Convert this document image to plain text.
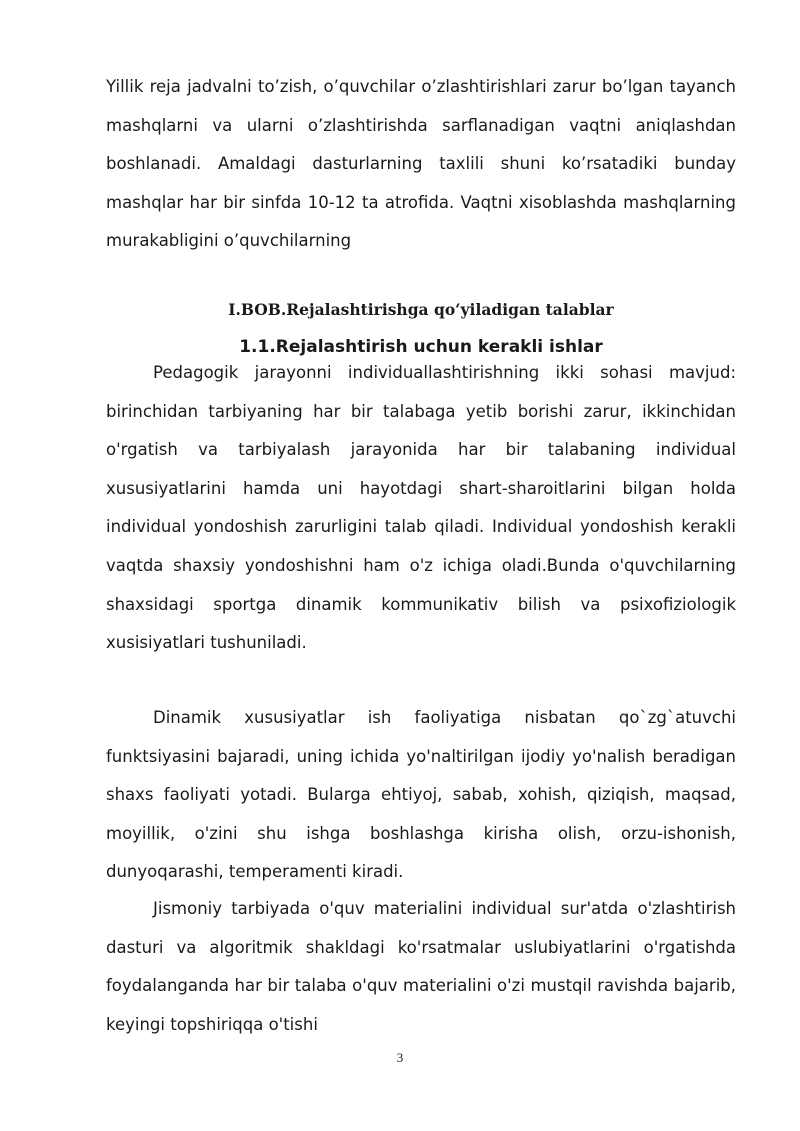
Yillik reja jadvalni to’zish, o’quvchilar o’zlashtirishlari zarur bo’lgan tayanch mashqlarni va ularni o’zlashtirishda sarflanadigan vaqtni aniqlashdan boshlanadi. Amaldagi dasturlarning taxlili shuni ko’rsatadiki bunday mashqlar har bir sinfda 10-12 ta atrofida. Vaqtni xisoblashda mashqlarning murakabligini o’quvchilarning

I.BOB.Rejalashtirishga qo‘yiladigan talablar
1.1.Rejalashtirish uchun kerakli ishlar

Pedagogik jarayonni individuallashtirishning ikki sohasi mavjud: birinchidan tarbiyaning har bir talabaga yetib borishi zarur, ikkinchidan o'rgatish va tarbiyalash jarayonida har bir talabaning individual xususiyatlarini hamda uni hayotdagi shart-sharoitlarini bilgan holda individual yondoshish zarurligini talab qiladi. Individual yondoshish kerakli vaqtda shaxsiy yondoshishni ham o'z ichiga oladi.Bunda o'quvchilarning shaxsidagi sportga dinamik kommunikativ bilish va psixofiziologik xusisiyatlari tushuniladi.

Dinamik xususiyatlar ish faoliyatiga nisbatan qo`zg`atuvchi funktsiyasini bajaradi, uning ichida yo'naltirilgan ijodiy yo'nalish beradigan shaxs faoliyati yotadi. Bularga ehtiyoj, sabab, xohish, qiziqish, maqsad, moyillik, o'zini shu ishga boshlashga kirisha olish, orzu-ishonish, dunyoqarashi, temperamenti kiradi.

Jismoniy tarbiyada o'quv materialini individual sur'atda o'zlashtirish dasturi va algoritmik shakldagi ko'rsatmalar uslubiyatlarini o'rgatishda foydalanganda har bir talaba o'quv materialini o'zi mustqil ravishda bajarib, keyingi topshiriqqa o'tishi

3
